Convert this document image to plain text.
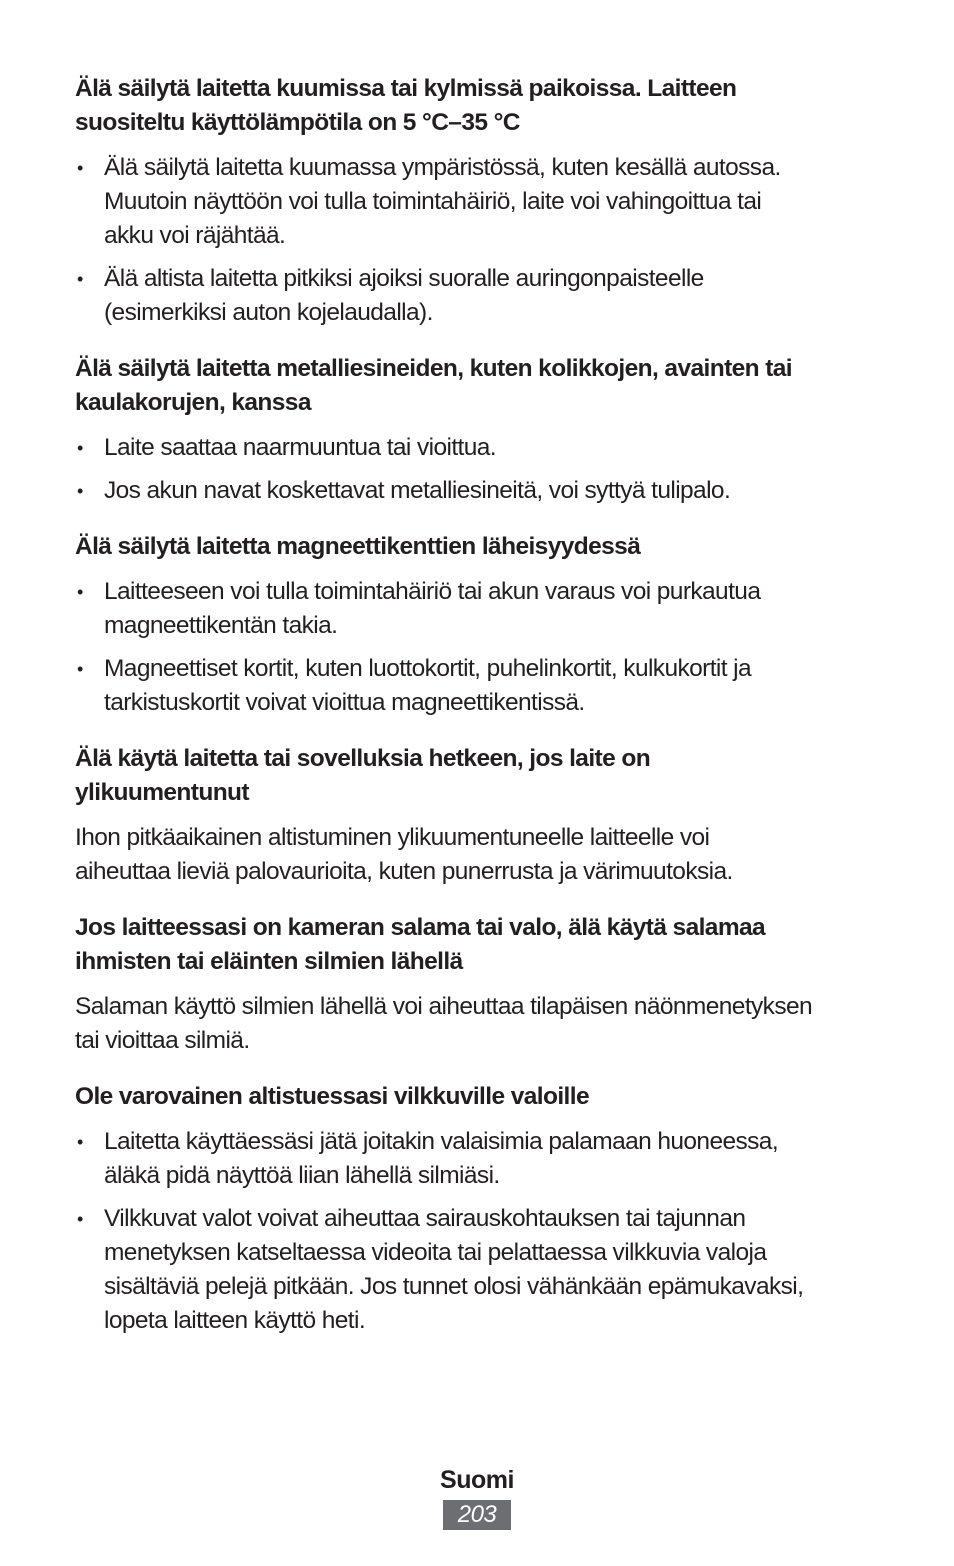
Älä säilytä laitetta kuumissa tai kylmissä paikoissa. Laitteen
suositeltu käyttölämpötila on 5 °C–35 °C
• Älä säilytä laitetta kuumassa ympäristössä, kuten kesällä autossa.
Muutoin näyttöön voi tulla toimintahäiriö, laite voi vahingoittua tai
akku voi räjähtää.
• Älä altista laitetta pitkiksi ajoiksi suoralle auringonpaisteelle
(esimerkiksi auton kojelaudalla).
Älä säilytä laitetta metalliesineiden, kuten kolikkojen, avainten tai
kaulakorujen, kanssa
• Laite saattaa naarmuuntua tai vioittua.
• Jos akun navat koskettavat metalliesineitä, voi syttyä tulipalo.
Älä säilytä laitetta magneettikenttien läheisyydessä
• Laitteeseen voi tulla toimintahäiriö tai akun varaus voi purkautua
magneettikentän takia.
• Magneettiset kortit, kuten luottokortit, puhelinkortit, kulkukortit ja
tarkistuskortit voivat vioittua magneettikentissä.
Älä käytä laitetta tai sovelluksia hetkeen, jos laite on
ylikuumentunut

Ihon pitkäaikainen altistuminen ylikuumentuneelle laitteelle voi
aiheuttaa lieviä palovaurioita, kuten punerrusta ja värimuutoksia.

Jos laitteessasi on kameran salama tai valo, älä käytä salamaa
ihmisten tai eläinten silmien lähellä

Salaman käyttö silmien lähellä voi aiheuttaa tilapäisen näönmenetyksen
tai vioittaa silmiä.

Ole varovainen altistuessasi vilkkuville valoille
• Laitetta käyttäessäsi jätä joitakin valaisimia palamaan huoneessa,
äläkä pidä näyttöä liian lähellä silmiäsi.
• Vilkkuvat valot voivat aiheuttaa sairauskohtauksen tai tajunnan
menetyksen katseltaessa videoita tai pelattaessa vilkkuvia valoja
sisältäviä pelejä pitkään. Jos tunnet olosi vähänkään epämukavaksi,
lopeta laitteen käyttö heti.
Suomi
203
